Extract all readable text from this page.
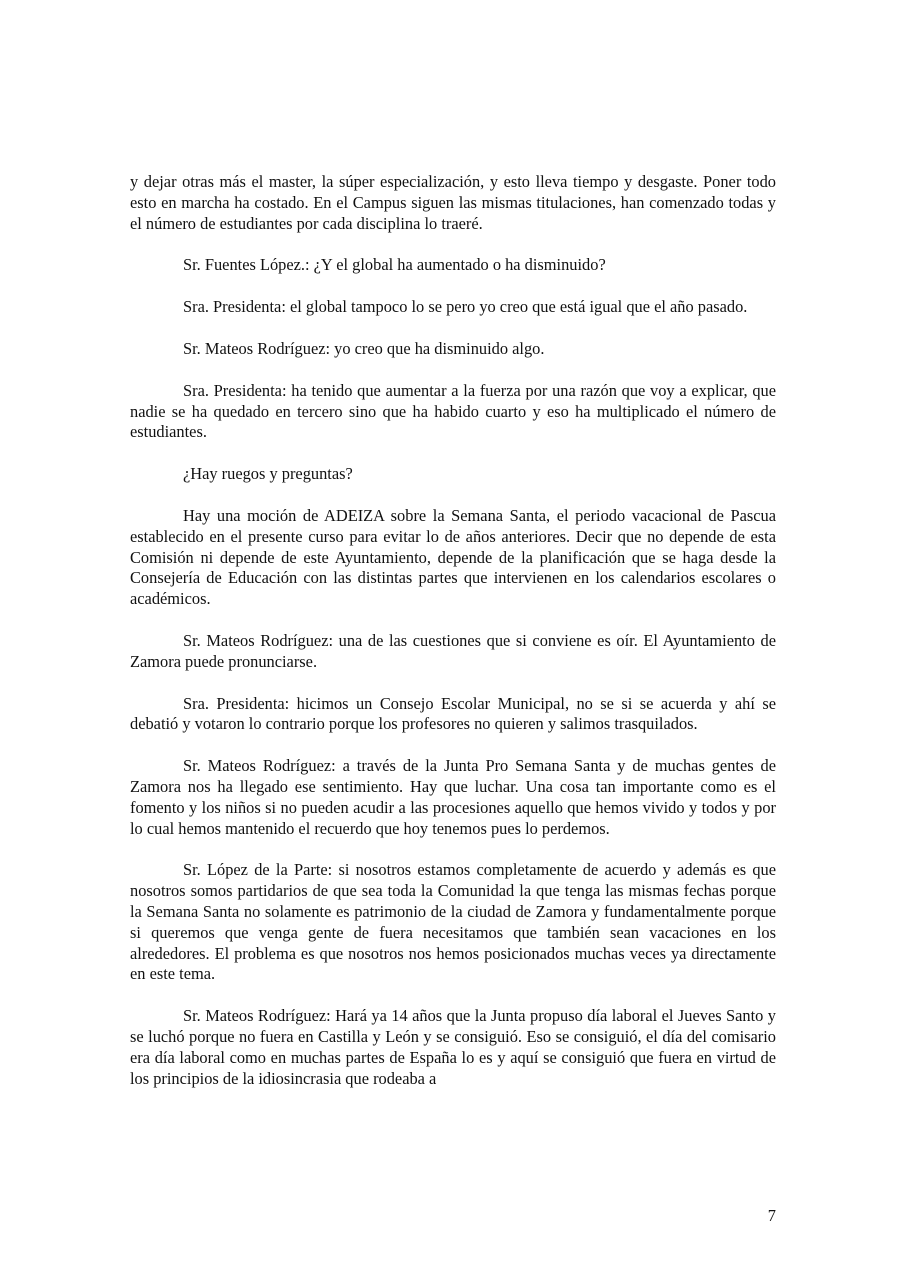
y dejar otras más el master, la súper especialización, y esto lleva tiempo y desgaste. Poner todo esto en marcha ha costado. En el Campus siguen las mismas titulaciones, han comenzado todas y el número de estudiantes por cada disciplina lo traeré.

Sr. Fuentes López.: ¿Y el global ha aumentado o ha disminuido?

Sra. Presidenta: el global tampoco lo se pero yo creo que está igual que el año pasado.

Sr. Mateos Rodríguez: yo creo que ha disminuido algo.

Sra. Presidenta: ha tenido que aumentar a la fuerza por una razón que voy a explicar, que nadie se ha quedado en tercero sino que ha habido cuarto y eso ha multiplicado el número de estudiantes.

¿Hay ruegos y preguntas?

Hay una moción de ADEIZA sobre la Semana Santa, el periodo vacacional de Pascua establecido en el presente curso para evitar lo de años anteriores. Decir que no depende de esta Comisión ni depende de este Ayuntamiento, depende de la planificación que se haga desde la Consejería de Educación con las distintas partes que intervienen en los calendarios escolares o académicos.

Sr. Mateos Rodríguez: una de las cuestiones que si conviene es oír. El Ayuntamiento de Zamora puede pronunciarse.

Sra. Presidenta: hicimos un Consejo Escolar Municipal, no se si se acuerda y ahí se debatió y votaron lo contrario porque los profesores no quieren y salimos trasquilados.

Sr. Mateos Rodríguez: a través de la Junta Pro Semana Santa y de muchas gentes de Zamora nos ha llegado ese sentimiento. Hay que luchar. Una cosa tan importante como es el fomento y los niños si no pueden acudir a las procesiones aquello que hemos vivido y todos y por lo cual hemos mantenido el recuerdo que hoy tenemos pues lo perdemos.

Sr. López de la Parte: si nosotros estamos completamente de acuerdo y además es que nosotros somos partidarios de que sea toda la Comunidad la que tenga las mismas fechas porque la Semana Santa no solamente es patrimonio de la ciudad de Zamora y fundamentalmente porque si queremos que venga gente de fuera necesitamos que también sean vacaciones en los alrededores. El problema es que nosotros nos hemos posicionados muchas veces ya directamente en este tema.

Sr. Mateos Rodríguez: Hará ya 14 años que la Junta propuso día laboral el Jueves Santo y se luchó porque no fuera en Castilla y León y se consiguió. Eso se consiguió, el día del comisario era día laboral como en muchas partes de España lo es y aquí se consiguió que fuera en virtud de los principios de la idiosincrasia que rodeaba a

7
